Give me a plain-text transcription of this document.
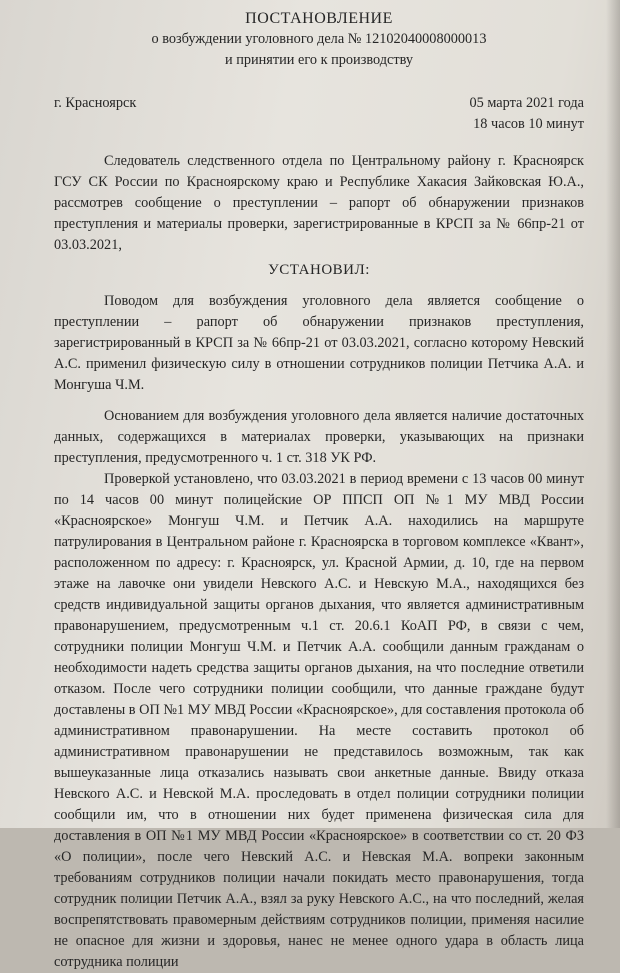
ПОСТАНОВЛЕНИЕ

о возбуждении уголовного дела № 12102040008000013

и принятии его к производству

г. Красноярск	05 марта 2021 года
18 часов 10 минут

Следователь следственного отдела по Центральному району г. Красноярск ГСУ СК России по Красноярскому краю и Республике Хакасия Зайковская Ю.А., рассмотрев сообщение о преступлении – рапорт об обнаружении признаков преступления и материалы проверки, зарегистрированные в КРСП за № 66пр-21 от 03.03.2021,

УСТАНОВИЛ:

Поводом для возбуждения уголовного дела является сообщение о преступлении – рапорт об обнаружении признаков преступления, зарегистрированный в КРСП за № 66пр-21 от 03.03.2021, согласно которому Невский А.С. применил физическую силу в отношении сотрудников полиции Петчика А.А. и Монгуша Ч.М.

Основанием для возбуждения уголовного дела является наличие достаточных данных, содержащихся в материалах проверки, указывающих на признаки преступления, предусмотренного ч. 1 ст. 318 УК РФ.

Проверкой установлено, что 03.03.2021 в период времени с 13 часов 00 минут по 14 часов 00 минут полицейские ОР ППСП ОП №1 МУ МВД России «Красноярское» Монгуш Ч.М. и Петчик А.А. находились на маршруте патрулирования в Центральном районе г. Красноярска в торговом комплексе «Квант», расположенном по адресу: г. Красноярск, ул. Красной Армии, д. 10, где на первом этаже на лавочке они увидели Невского А.С. и Невскую М.А., находящихся без средств индивидуальной защиты органов дыхания, что является административным правонарушением, предусмотренным ч.1 ст. 20.6.1 КоАП РФ, в связи с чем, сотрудники полиции Монгуш Ч.М. и Петчик А.А. сообщили данным гражданам о необходимости надеть средства защиты органов дыхания, на что последние ответили отказом. После чего сотрудники полиции сообщили, что данные граждане будут доставлены в ОП №1 МУ МВД России «Красноярское», для составления протокола об административном правонарушении. На месте составить протокол об административном правонарушении не представилось возможным, так как вышеуказанные лица отказались называть свои анкетные данные. Ввиду отказа Невского А.С. и Невской М.А. проследовать в отдел полиции сотрудники полиции сообщили им, что в отношении них будет применена физическая сила для доставления в ОП №1 МУ МВД России «Красноярское» в соответствии со ст. 20 ФЗ «О полиции», после чего Невский А.С. и Невская М.А. вопреки законным требованиям сотрудников полиции начали покидать место правонарушения, тогда сотрудник полиции Петчик А.А., взял за руку Невского А.С., на что последний, желая воспрепятствовать правомерным действиям сотрудников полиции, применяя насилие не опасное для жизни и здоровья, нанес не менее одного удара в область лица сотрудника полиции
